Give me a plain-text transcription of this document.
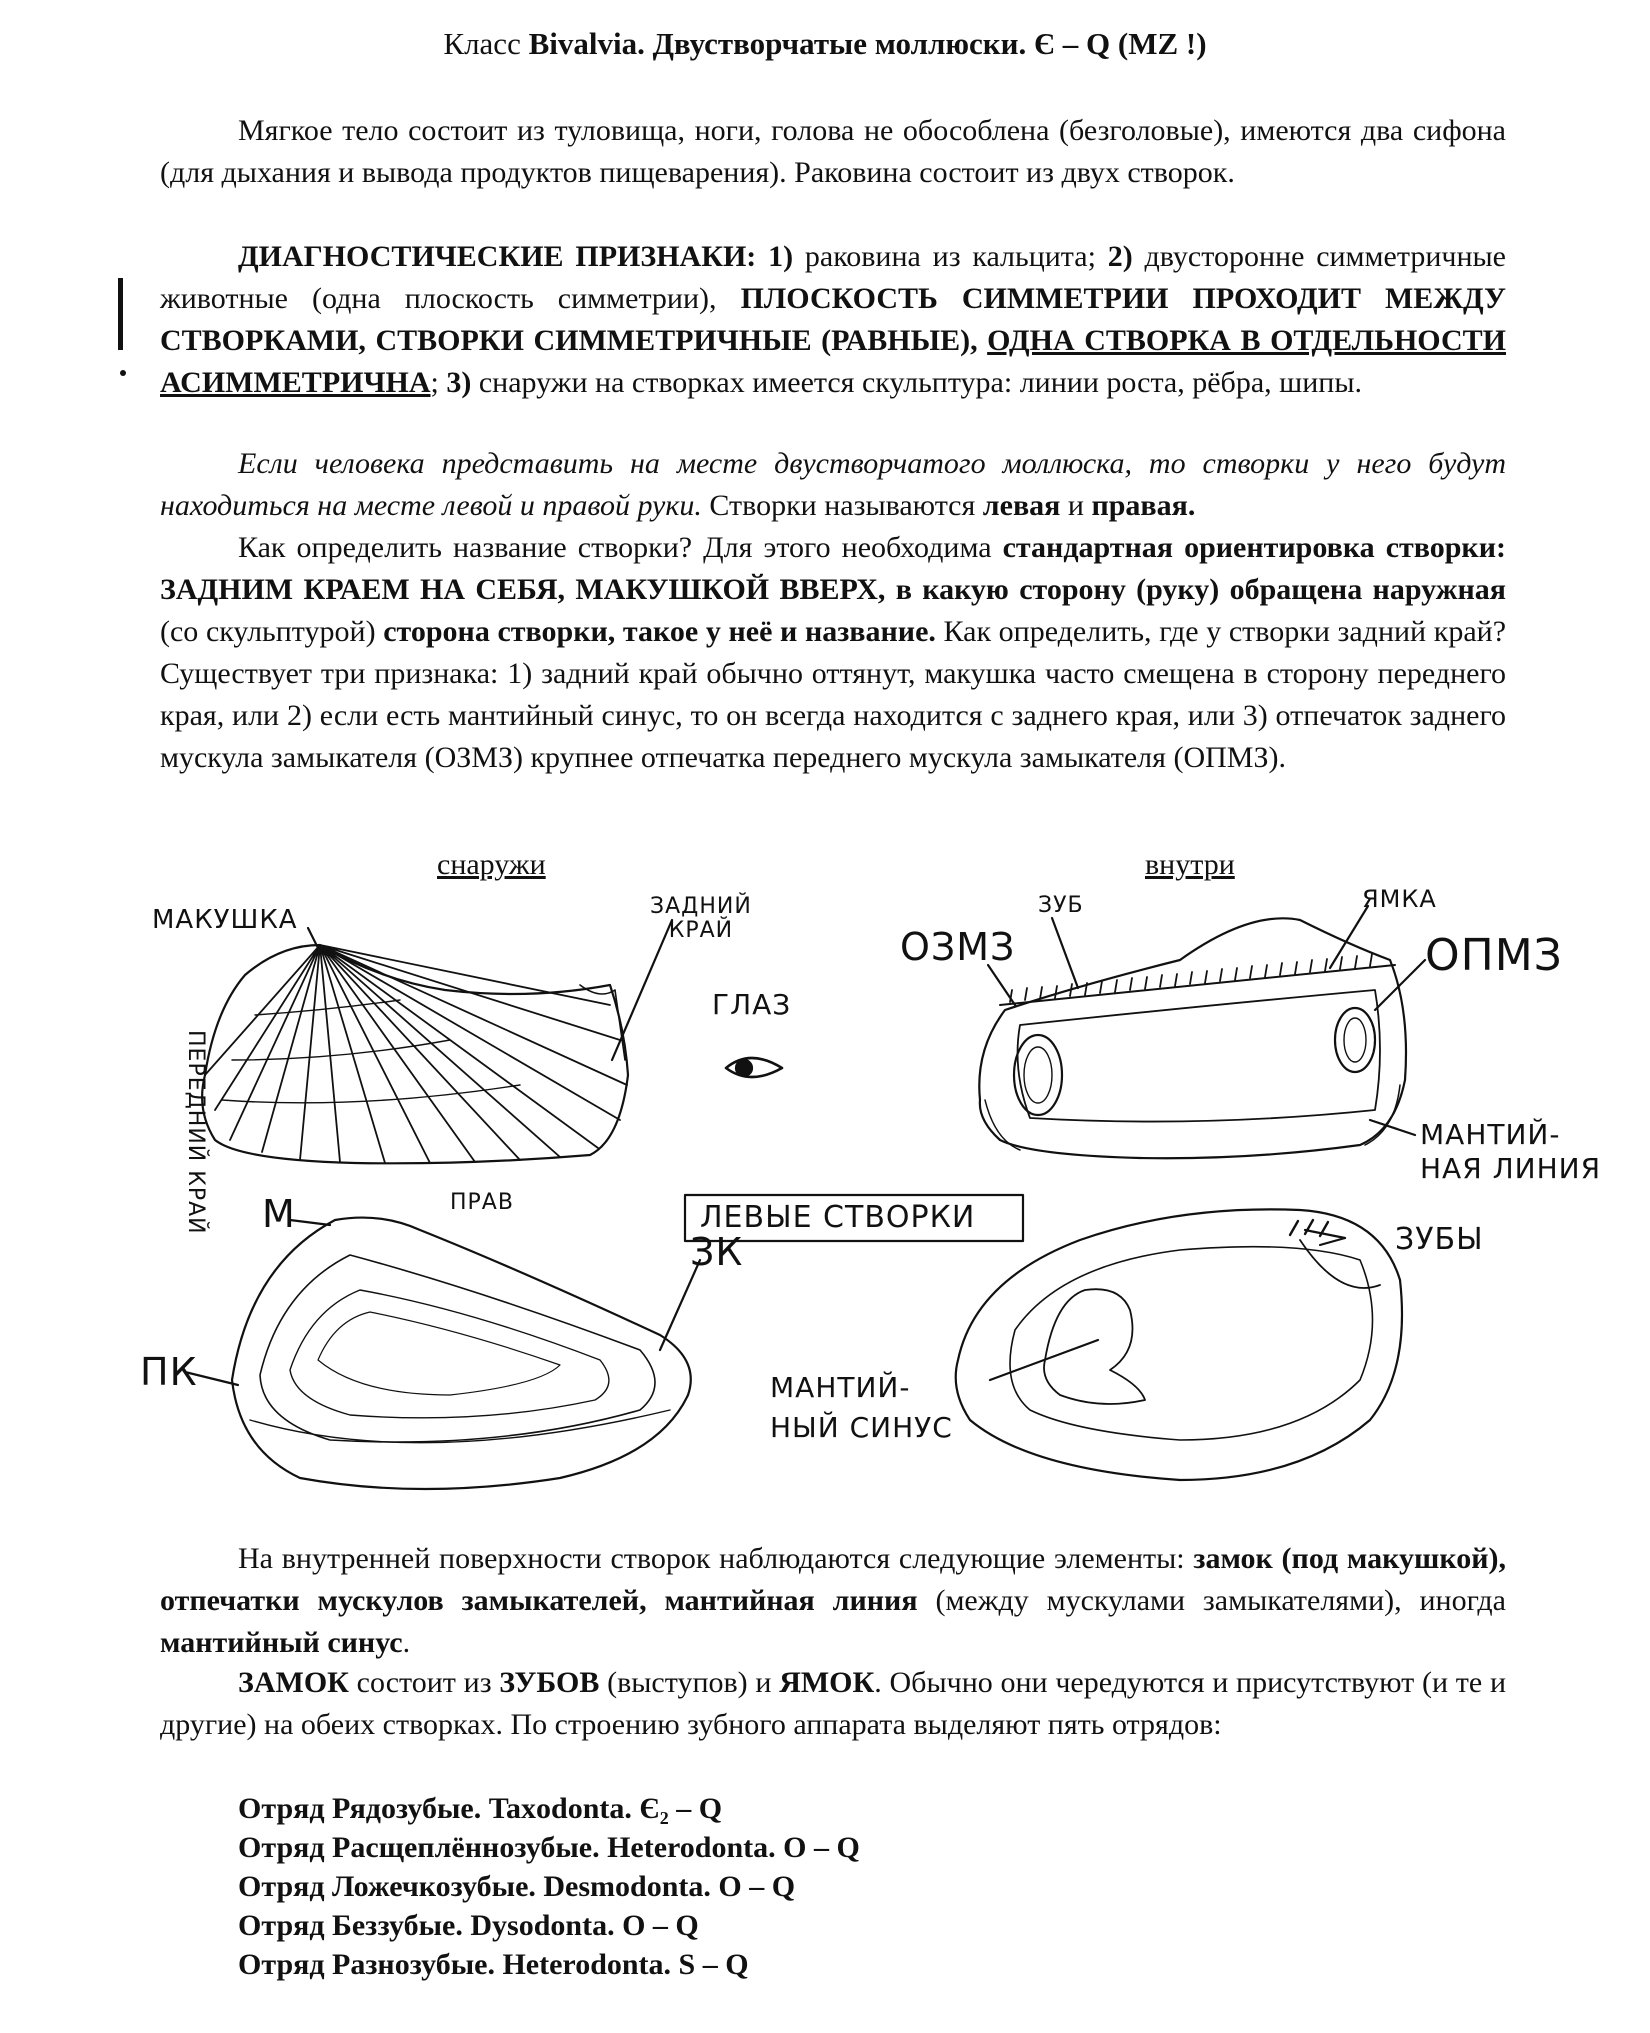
Класс Bivalvia. Двустворчатые моллюски. Є – Q (MZ !)
Мягкое тело состоит из туловища, ноги, голова не обособлена (безголовые), имеются два сифона (для дыхания и вывода продуктов пищеварения). Раковина состоит из двух створок.
ДИАГНОСТИЧЕСКИЕ ПРИЗНАКИ: 1) раковина из кальцита; 2) двусторонне симметричные животные (одна плоскость симметрии), ПЛОСКОСТЬ СИММЕТРИИ ПРОХОДИТ МЕЖДУ СТВОРКАМИ, СТВОРКИ СИММЕТРИЧНЫЕ (РАВНЫЕ), ОДНА СТВОРКА В ОТДЕЛЬНОСТИ АСИММЕТРИЧНА; 3) снаружи на створках имеется скульптура: линии роста, рёбра, шипы.
Если человека представить на месте двустворчатого моллюска, то створки у него будут находиться на месте левой и правой руки. Створки называются левая и правая.
Как определить название створки? Для этого необходима стандартная ориентировка створки: ЗАДНИМ КРАЕМ НА СЕБЯ, МАКУШКОЙ ВВЕРХ, в какую сторону (руку) обращена наружная (со скульптурой) сторона створки, такое у неё и название. Как определить, где у створки задний край? Существует три признака: 1) задний край обычно оттянут, макушка часто смещена в сторону переднего края, или 2) если есть мантийный синус, то он всегда находится с заднего края, или 3) отпечаток заднего мускула замыкателя (ОЗМЗ) крупнее отпечатка переднего мускула замыкателя (ОПМЗ).
снаружи	внутри
МАКУШКА	ЗАДНИЙ
КРАЙ
ПЕРЕДНИЙ КРАЙ
ГЛАЗ
ОЗМЗ
ЗУБ	ЯМКА
ОПМЗ
МАНТИЙ-
НАЯ ЛИНИЯ
ПРАВ	ЛЕВЫЕ СТВОРКИ
М
ЗК
ПК
ЗУБЫ
МАНТИЙ-
НЫЙ СИНУС
На внутренней поверхности створок наблюдаются следующие элементы: замок (под макушкой), отпечатки мускулов замыкателей, мантийная линия (между мускулами замыкателями), иногда мантийный синус.
ЗАМОК состоит из ЗУБОВ (выступов) и ЯМОК. Обычно они чередуются и присутствуют (и те и другие) на обеих створках. По строению зубного аппарата выделяют пять отрядов:
Отряд Рядозубые. Taxodonta. Є₂ – Q
Отряд Расщеплённозубые. Heterodonta. O – Q
Отряд Ложечкозубые. Desmodonta. O – Q
Отряд Беззубые. Dysodonta. O – Q
Отряд Разнозубые. Heterodonta. S – Q
